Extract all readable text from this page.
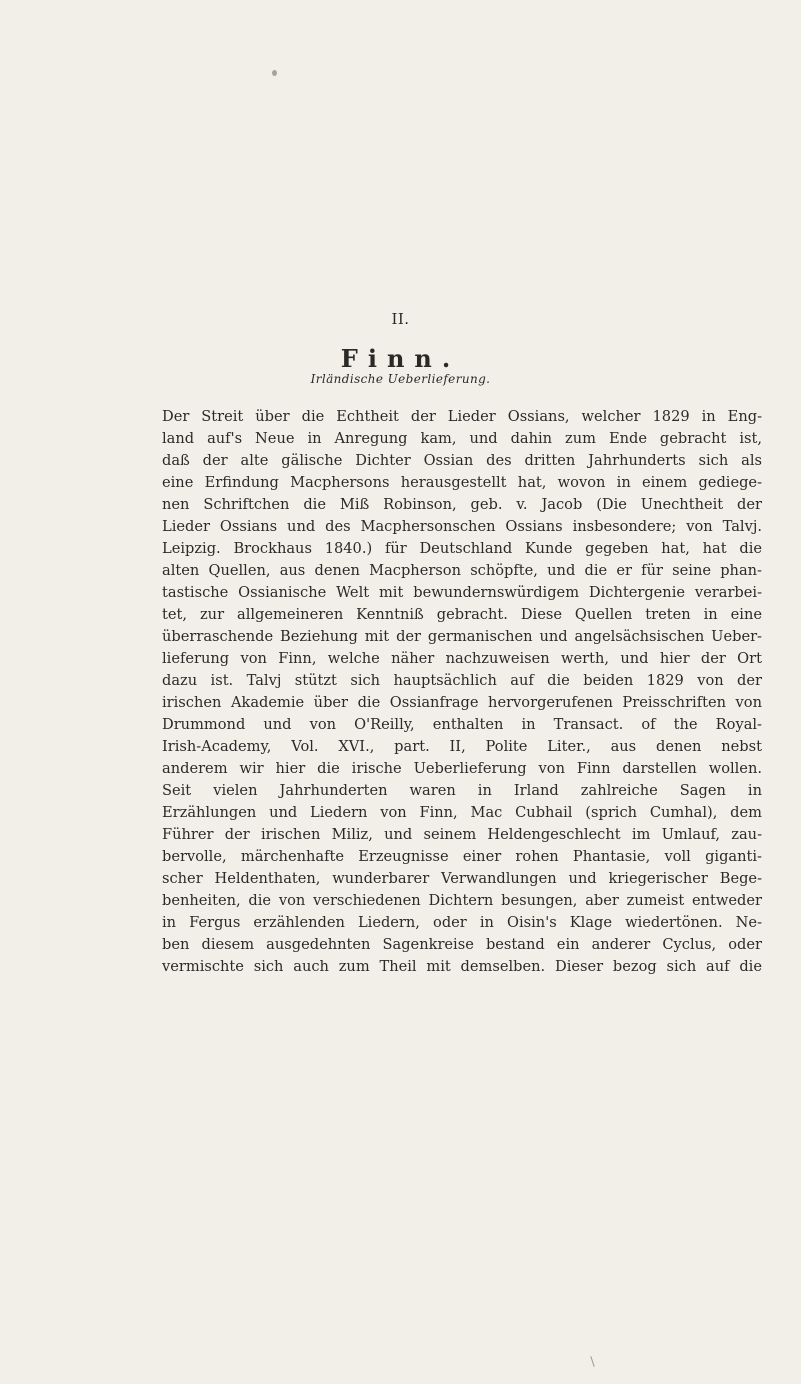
II.
Finn.
Irländische Ueberlieferung.
Der Streit über die Echtheit der Lieder Ossians, welcher 1829 in Eng-
land auf's Neue in Anregung kam, und dahin zum Ende gebracht ist,
daß der alte gälische Dichter Ossian des dritten Jahrhunderts sich als
eine Erfindung Macphersons herausgestellt hat, wovon in einem gediege-
nen Schriftchen die Miß Robinson, geb. v. Jacob (Die Unechtheit der
Lieder Ossians und des Macphersonschen Ossians insbesondere; von Talvj.
Leipzig. Brockhaus 1840.) für Deutschland Kunde gegeben hat, hat die
alten Quellen, aus denen Macpherson schöpfte, und die er für seine phan-
tastische Ossianische Welt mit bewundernswürdigem Dichtergenie verarbei-
tet, zur allgemeineren Kenntniß gebracht. Diese Quellen treten in eine
überraschende Beziehung mit der germanischen und angelsächsischen Ueber-
lieferung von Finn, welche näher nachzuweisen werth, und hier der Ort
dazu ist. Talvj stützt sich hauptsächlich auf die beiden 1829 von der
irischen Akademie über die Ossianfrage hervorgerufenen Preisschriften von
Drummond und von O'Reilly, enthalten in Transact. of the Royal-
Irish-Academy, Vol. XVI., part. II, Polite Liter., aus denen nebst
anderem wir hier die irische Ueberlieferung von Finn darstellen wollen.
Seit vielen Jahrhunderten waren in Irland zahlreiche Sagen in
Erzählungen und Liedern von Finn, Mac Cubhail (sprich Cumhal), dem
Führer der irischen Miliz, und seinem Heldengeschlecht im Umlauf, zau-
bervolle, märchenhafte Erzeugnisse einer rohen Phantasie, voll giganti-
scher Heldenthaten, wunderbarer Verwandlungen und kriegerischer Bege-
benheiten, die von verschiedenen Dichtern besungen, aber zumeist entweder
in Fergus erzählenden Liedern, oder in Oisin's Klage wiedertönen. Ne-
ben diesem ausgedehnten Sagenkreise bestand ein anderer Cyclus, oder
vermischte sich auch zum Theil mit demselben. Dieser bezog sich auf die
